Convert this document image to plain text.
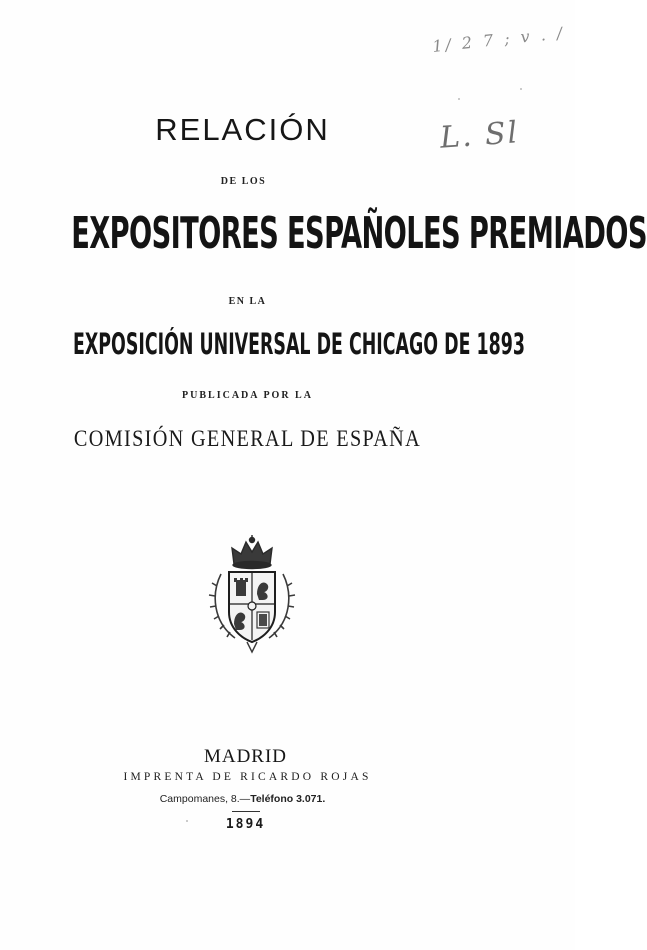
1/ 2 7 ; v . /
L. Sl
RELACIÓN
DE LOS
EXPOSITORES ESPAÑOLES PREMIADOS
EN LA
EXPOSICIÓN UNIVERSAL DE CHICAGO DE 1893
PUBLICADA POR LA
COMISIÓN GENERAL DE ESPAÑA
MADRID
IMPRENTA DE RICARDO ROJAS
Campomanes, 8.—Teléfono 3.071.
1894
